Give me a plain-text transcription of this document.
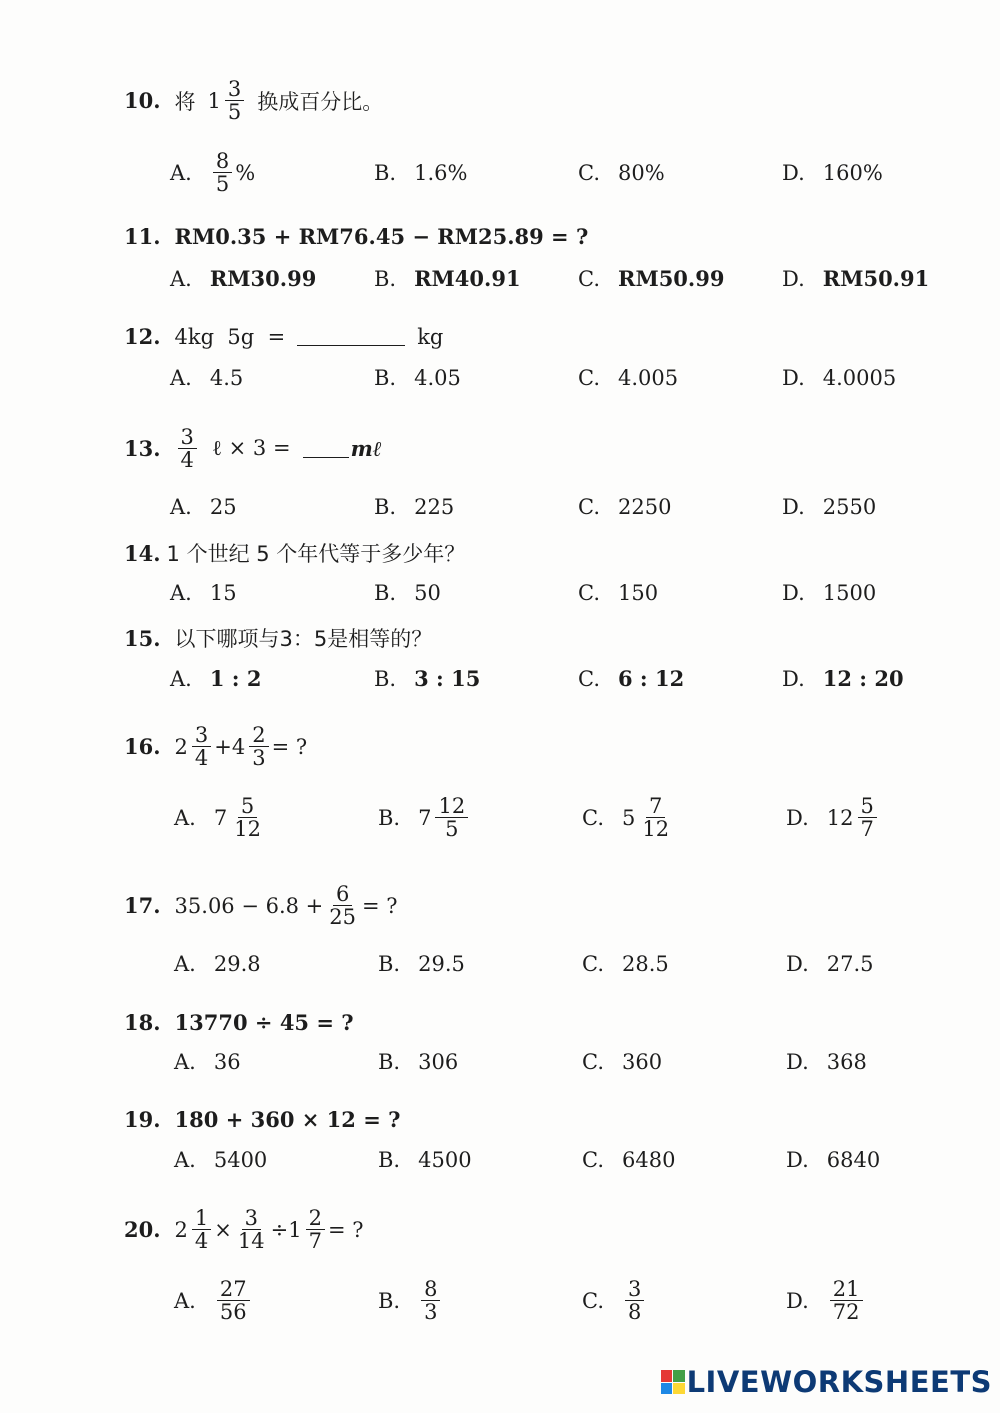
10. 将 $1 \frac{3}{5}$ 换成百分比。
A. $\frac{8}{5}$ %	B. 1.6%	C. 80%	D. 160%
11. RM0.35 + RM76.45 − RM25.89 = ?
A. RM30.99	B. RM40.91	C. RM50.99	D. RM50.91
12. 4kg  5g  =	kg
A. 4.5	B. 4.05	C. 4.005	D. 4.0005
13. $\frac{3}{4}$ ℓ × 3 =	mℓ
A. 25	B. 225	C. 2250	D. 2550
14. 1 个世纪 5 个年代等于多少年？
A. 15	B. 50	C. 150	D. 1500
15. 以下哪项与3：5是相等的？
A. 1 : 2	B. 3 : 15	C. 6 : 12	D. 12 : 20
16. $2 \frac{3}{4} + 4 \frac{2}{3}$ = ?
A. $7 \frac{5}{12}$	B. $7 \frac{12}{5}$	C. $5 \frac{7}{12}$	D. $12 \frac{5}{7}$
17. $35.06 - 6.8 + \frac{6}{25}$ = ?
A. 29.8	B. 29.5	C. 28.5	D. 27.5
18. 13770 ÷ 45 = ?
A. 36	B. 306	C. 360	D. 368
19. 180 + 360 × 12 = ?
A. 5400	B. 4500	C. 6480	D. 6840
20. $2 \frac{1}{4} \times \frac{3}{14} \div 1 \frac{2}{7}$ = ?
A. $\frac{27}{56}$	B. $\frac{8}{3}$	C. $\frac{3}{8}$	D. $\frac{21}{72}$
LIVEWORKSHEETS
